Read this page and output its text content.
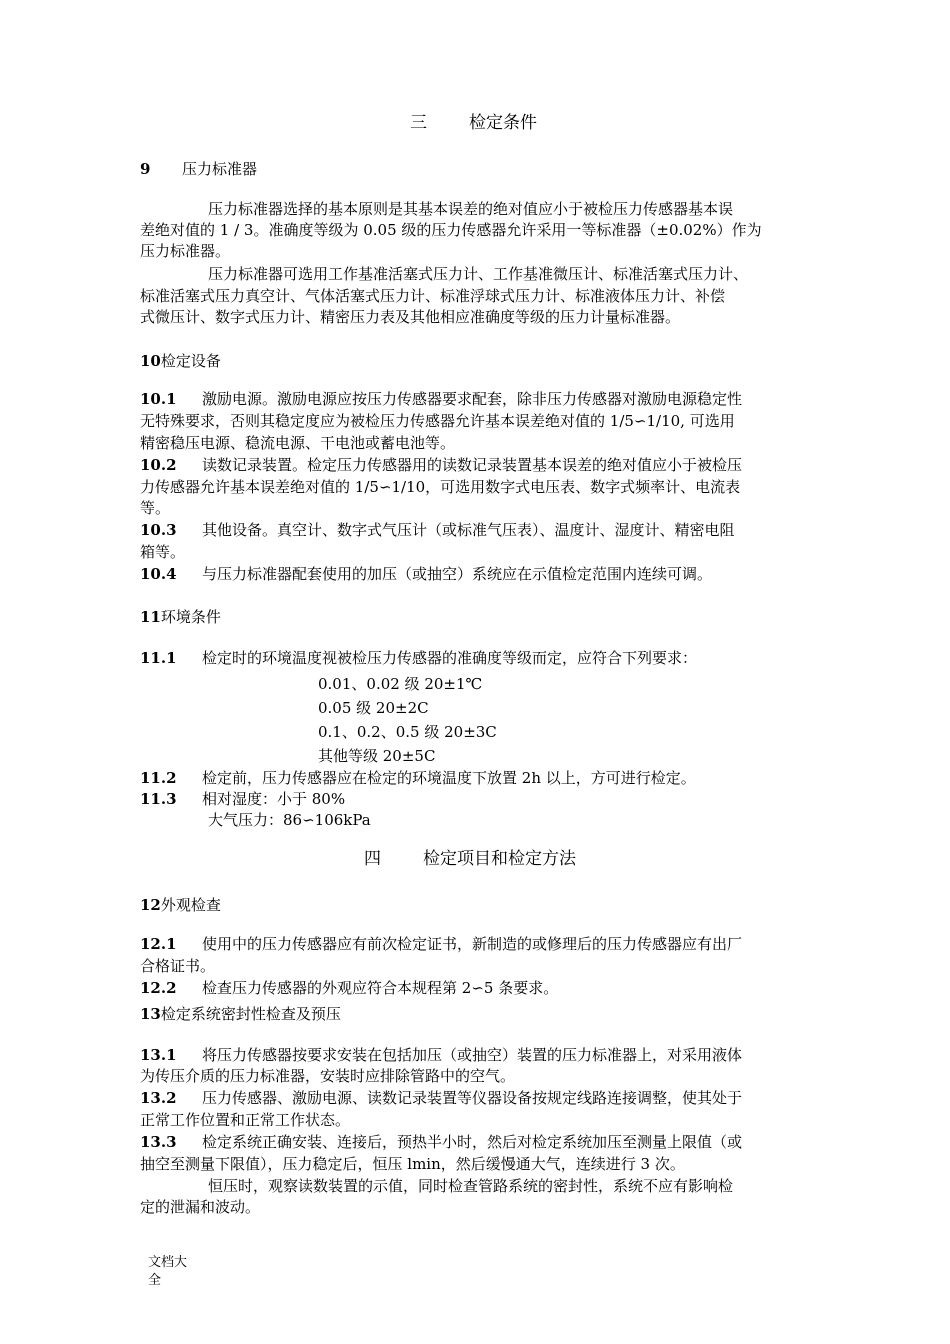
三 检定条件
9 压力标准器
压力标准器选择的基本原则是其基本误差的绝对值应小于被检压力传感器基本误
差绝对值的 1 / 3。准确度等级为 0.05 级的压力传感器允许采用一等标准器（±0.02%）作为
压力标准器。
压力标准器可选用工作基准活塞式压力计、工作基准微压计、标准活塞式压力计、
标准活塞式压力真空计、气体活塞式压力计、标准浮球式压力计、标准液体压力计、补偿
式微压计、数字式压力计、精密压力表及其他相应准确度等级的压力计量标准器。
10检定设备
10.1 激励电源。激励电源应按压力传感器要求配套，除非压力传感器对激励电源稳定性
无特殊要求，否则其稳定度应为被检压力传感器允许基本误差绝对值的 1/5∽1/10, 可选用
精密稳压电源、稳流电源、干电池或蓄电池等。
10.2 读数记录装置。检定压力传感器用的读数记录装置基本误差的绝对值应小于被检压
力传感器允许基本误差绝对值的 1/5∽1/10，可选用数字式电压表、数字式频率计、电流表
等。
10.3 其他设备。真空计、数字式气压计（或标准气压表）、温度计、湿度计、精密电阻
箱等。
10.4 与压力标准器配套使用的加压（或抽空）系统应在示值检定范围内连续可调。
11环境条件
11.1 检定时的环境温度视被检压力传感器的准确度等级而定，应符合下列要求：
0.01、0.02 级 20±1℃
0.05 级 20±2C
0.1、0.2、0.5 级 20±3C
其他等级 20±5C
11.2 检定前，压力传感器应在检定的环境温度下放置 2h 以上，方可进行检定。
11.3 相对湿度：小于 80%
大气压力：86∽106kPa
四 检定项目和检定方法
12外观检查
12.1 使用中的压力传感器应有前次检定证书，新制造的或修理后的压力传感器应有出厂
合格证书。
12.2 检查压力传感器的外观应符合本规程第 2∽5 条要求。
13检定系统密封性检查及预压
13.1 将压力传感器按要求安装在包括加压（或抽空）装置的压力标准器上，对采用液体
为传压介质的压力标准器，安装时应排除管路中的空气。
13.2 压力传感器、激励电源、读数记录装置等仪器设备按规定线路连接调整，使其处于
正常工作位置和正常工作状态。
13.3 检定系统正确安装、连接后，预热半小时，然后对检定系统加压至测量上限值（或
抽空至测量下限值），压力稳定后，恒压 lmin，然后缓慢通大气，连续进行 3 次。
恒压时，观察读数装置的示值，同时检查管路系统的密封性，系统不应有影响检
定的泄漏和波动。
文档大
全
